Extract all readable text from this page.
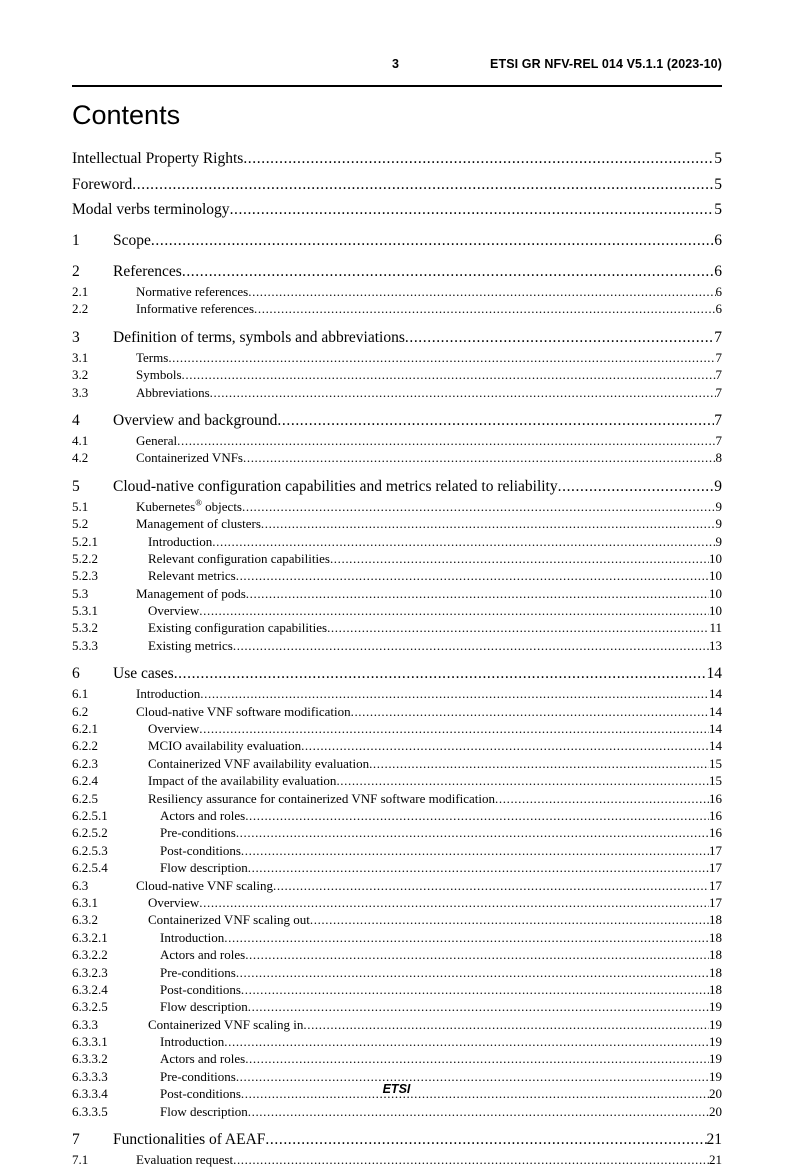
3	ETSI GR NFV-REL 014 V5.1.1 (2023-10)
Contents
Intellectual Property Rights .....	5
Foreword .....	5
Modal verbs terminology .....	5
1	Scope .....	6
2	References .....	6
2.1	Normative references .....	6
2.2	Informative references .....	6
3	Definition of terms, symbols and abbreviations .....	7
3.1	Terms .....	7
3.2	Symbols .....	7
3.3	Abbreviations .....	7
4	Overview and background .....	7
4.1	General .....	7
4.2	Containerized VNFs .....	8
5	Cloud-native configuration capabilities and metrics related to reliability .....	9
5.1	Kubernetes® objects .....	9
5.2	Management of clusters .....	9
5.2.1	Introduction .....	9
5.2.2	Relevant configuration capabilities .....	10
5.2.3	Relevant metrics .....	10
5.3	Management of pods .....	10
5.3.1	Overview .....	10
5.3.2	Existing configuration capabilities .....	11
5.3.3	Existing metrics .....	13
6	Use cases .....	14
6.1	Introduction .....	14
6.2	Cloud-native VNF software modification .....	14
6.2.1	Overview .....	14
6.2.2	MCIO availability evaluation .....	14
6.2.3	Containerized VNF availability evaluation .....	15
6.2.4	Impact of the availability evaluation .....	15
6.2.5	Resiliency assurance for containerized VNF software modification .....	16
6.2.5.1	Actors and roles .....	16
6.2.5.2	Pre-conditions .....	16
6.2.5.3	Post-conditions .....	17
6.2.5.4	Flow description .....	17
6.3	Cloud-native VNF scaling .....	17
6.3.1	Overview .....	17
6.3.2	Containerized VNF scaling out .....	18
6.3.2.1	Introduction .....	18
6.3.2.2	Actors and roles .....	18
6.3.2.3	Pre-conditions .....	18
6.3.2.4	Post-conditions .....	18
6.3.2.5	Flow description .....	19
6.3.3	Containerized VNF scaling in .....	19
6.3.3.1	Introduction .....	19
6.3.3.2	Actors and roles .....	19
6.3.3.3	Pre-conditions .....	19
6.3.3.4	Post-conditions .....	20
6.3.3.5	Flow description .....	20
7	Functionalities of AEAF .....	21
7.1	Evaluation request .....	21
ETSI
